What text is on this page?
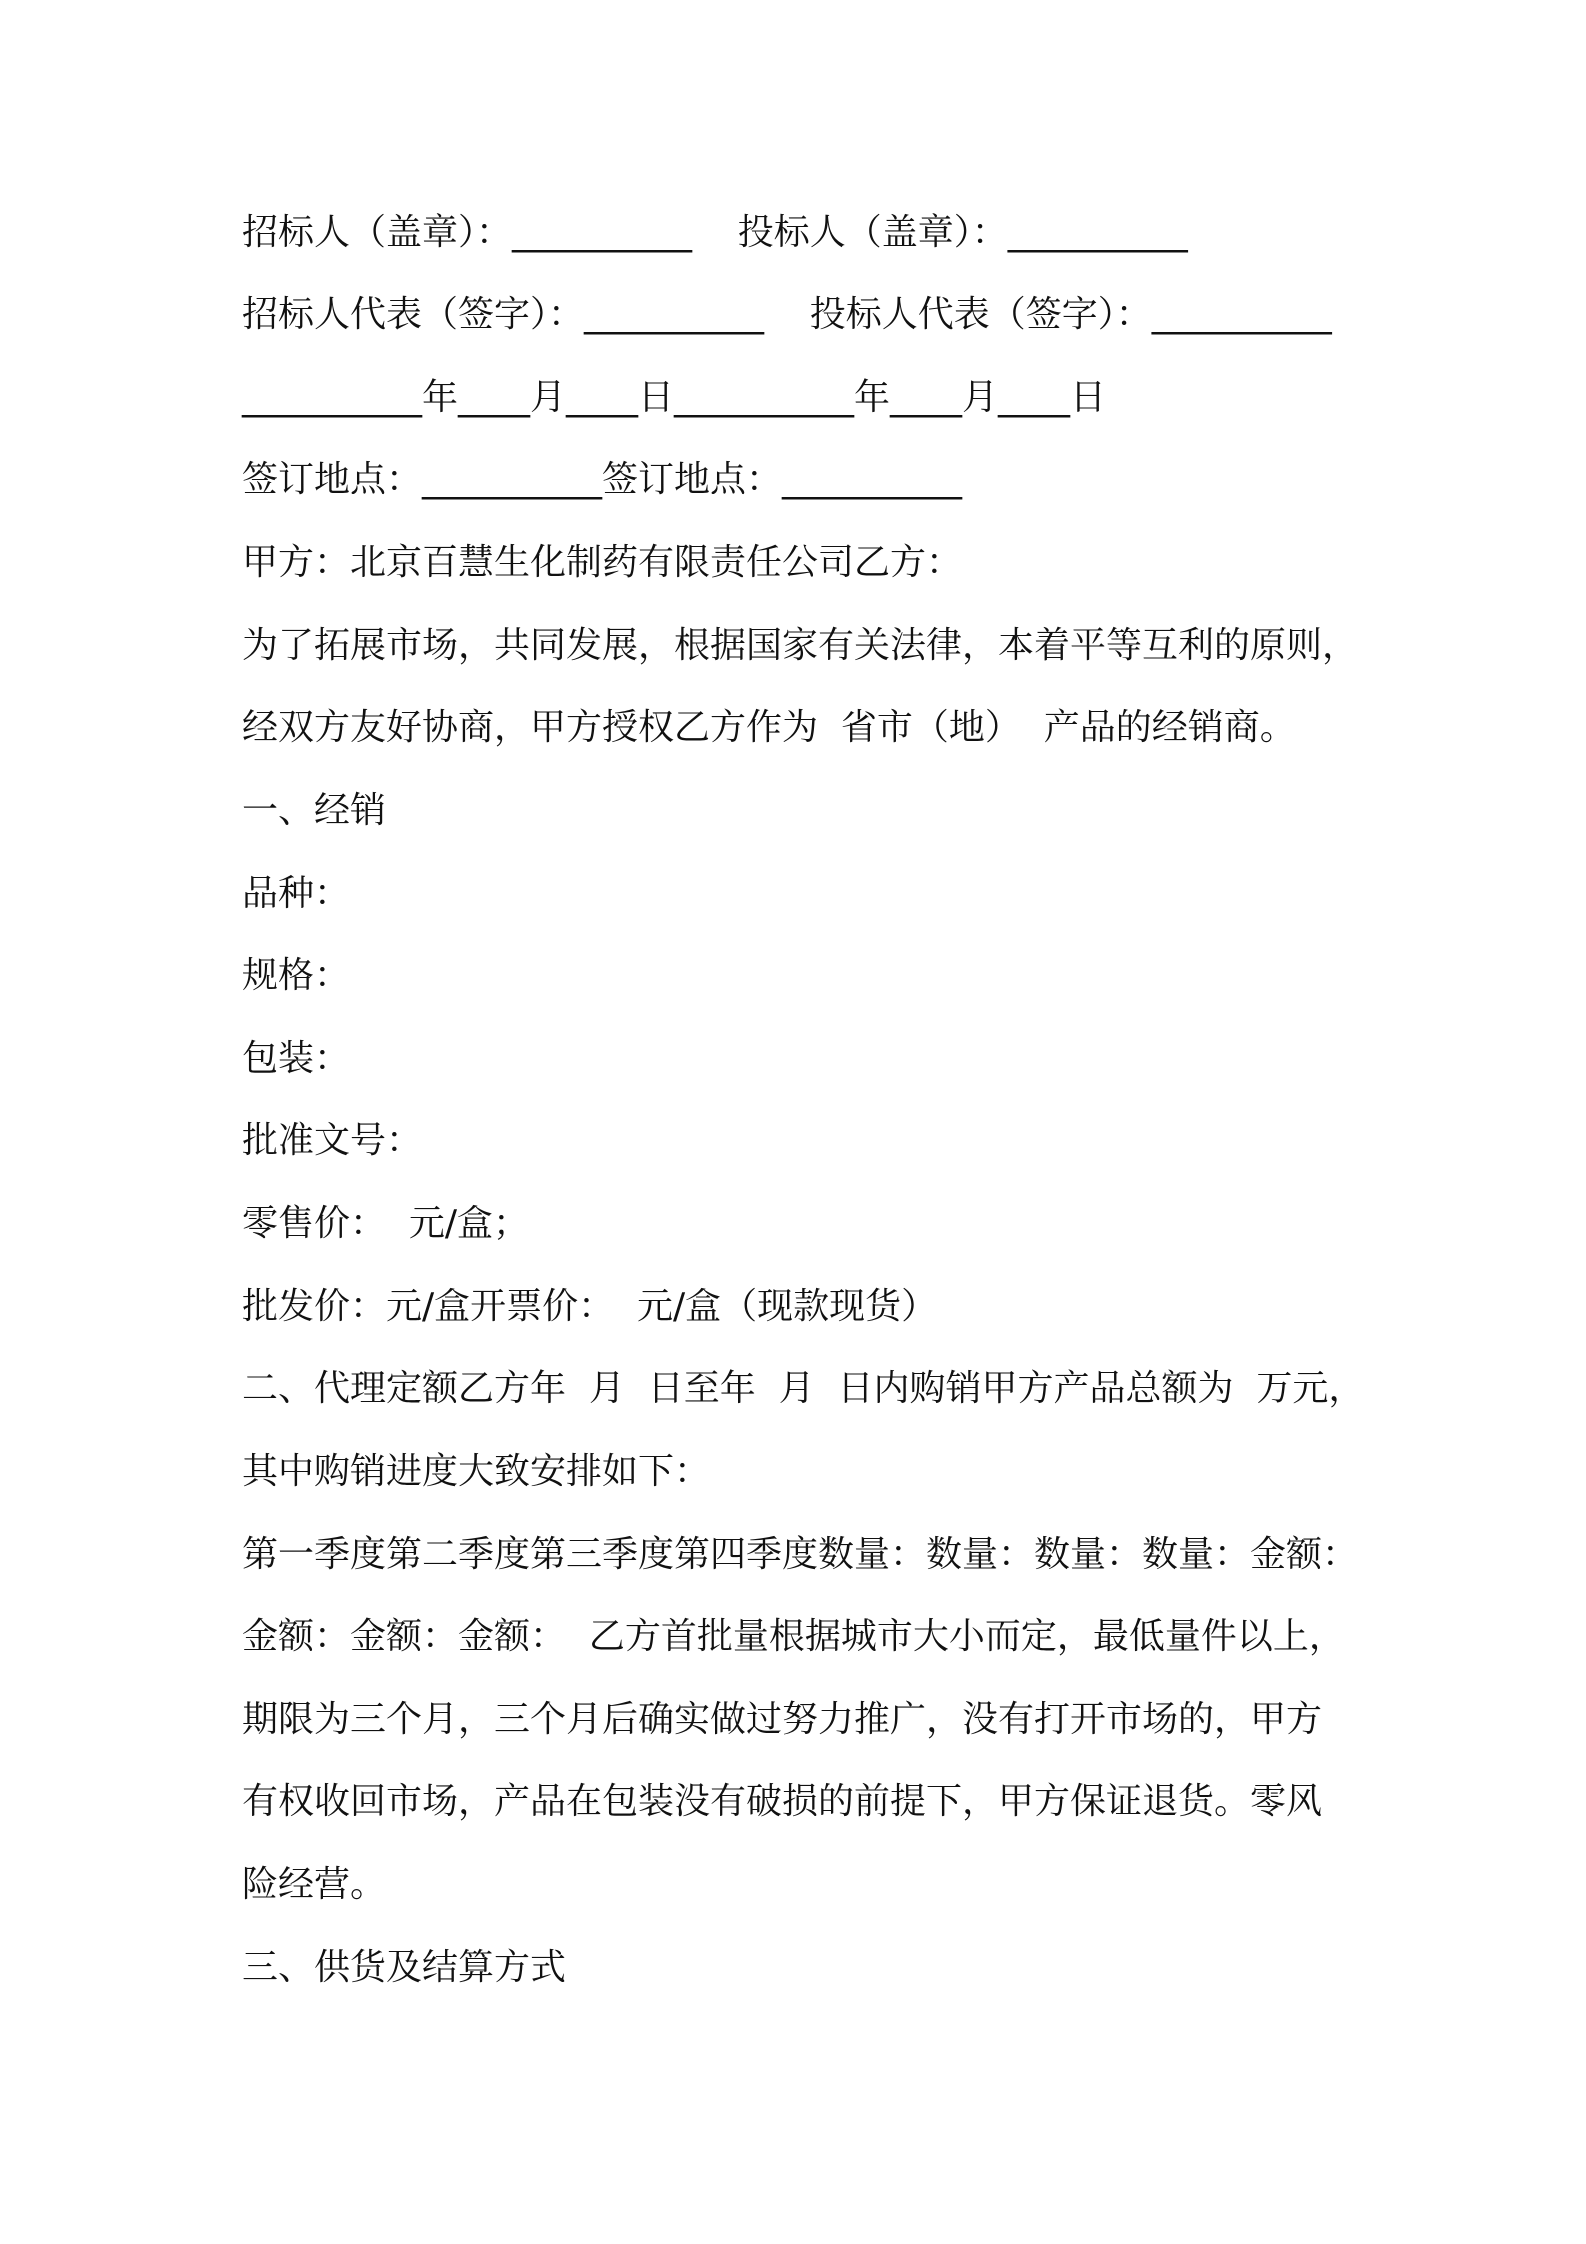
招标人（盖章）：__________    投标人（盖章）：__________
招标人代表（签字）：__________    投标人代表（签字）：__________
__________年____月____日__________年____月____日
签订地点：__________签订地点：__________
甲方：北京百慧生化制药有限责任公司乙方：
为了拓展市场，共同发展，根据国家有关法律，本着平等互利的原则，
经双方友好协商，甲方授权乙方作为  省市（地）  产品的经销商。
一、经销
品种：
规格：
包装：
批准文号：
零售价：  元/盒；
批发价：元/盒开票价：  元/盒（现款现货）
二、代理定额乙方年  月  日至年  月  日内购销甲方产品总额为  万元，
其中购销进度大致安排如下：
第一季度第二季度第三季度第四季度数量：数量：数量：数量：金额：
金额：金额：金额：  乙方首批量根据城市大小而定，最低量件以上，
期限为三个月，三个月后确实做过努力推广，没有打开市场的，甲方
有权收回市场，产品在包装没有破损的前提下，甲方保证退货。零风
险经营。
三、供货及结算方式
